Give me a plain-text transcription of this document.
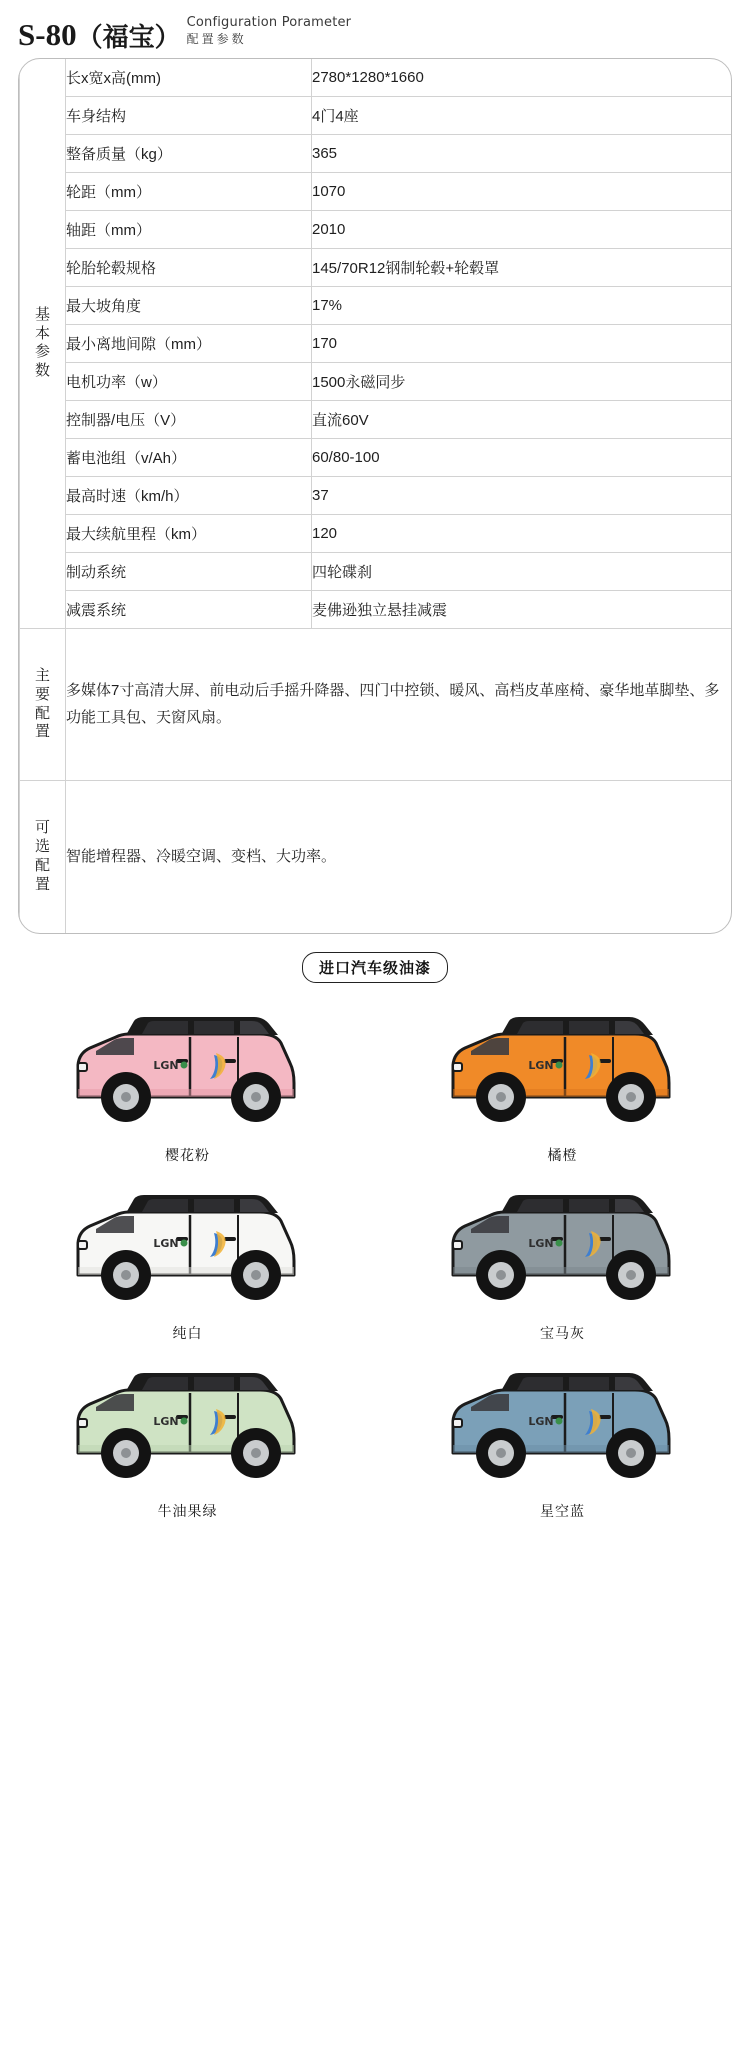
S-80 （福宝） Configuration Porameter
配置参数
基本参数	长x宽x高(mm)	2780*1280*1660
	车身结构	4门4座
	整备质量（kg）	365
	轮距（mm）	1070
	轴距（mm）	2010
	轮胎轮毂规格	145/70R12钢制轮毂+轮毂罩
	最大坡角度	17%
	最小离地间隙（mm）	170
	电机功率（w）	1500永磁同步
	控制器/电压（V）	直流60V
	蓄电池组（v/Ah）	60/80-100
	最高时速（km/h）	37
	最大续航里程（km）	120
	制动系统	四轮碟刹
	减震系统	麦佛逊独立悬挂减震

主要配置	多媒体7寸高清大屏、前电动后手摇升降器、四门中控锁、暖风、高档皮革座椅、豪华地革脚垫、多功能工具包、天窗风扇。	

可选配置	智能增程器、冷暖空调、变档、大功率。	
进口汽车级油漆
LGN
樱花粉
LGN
橘橙
LGN
纯白
LGN
宝马灰
LGN
牛油果绿
LGN
星空蓝
